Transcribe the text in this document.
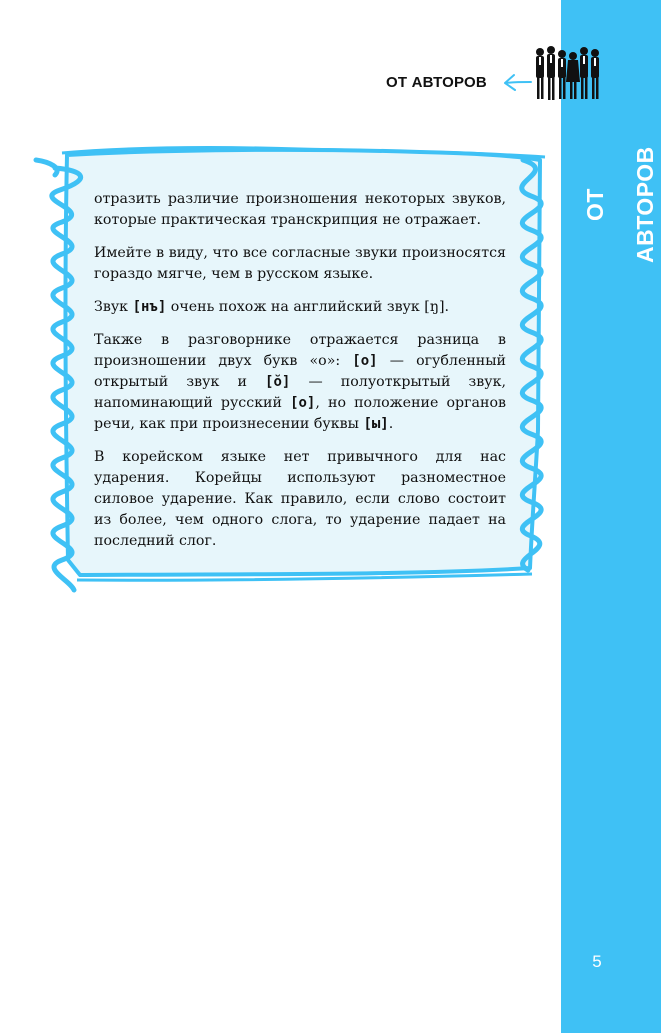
ОТ АВТОРОВ
5
ОТ АВТОРОВ

отразить различие произношения некоторых звуков, которые практическая транскрипция не отражает.

Имейте в виду, что все согласные звуки произносятся гораздо мягче, чем в русском языке.

Звук [нъ] очень похож на английский звук [ŋ].

Также в разговорнике отражается разница в произношении двух букв «о»: [о] — огубленный открытый звук и [ŏ] — полуоткрытый звук, напоминающий русский [о], но положение органов речи, как при произнесении буквы [ы].

В корейском языке нет привычного для нас ударения. Корейцы используют разноместное силовое ударение. Как правило, если слово состоит из более, чем одного слога, то ударение падает на последний слог.
